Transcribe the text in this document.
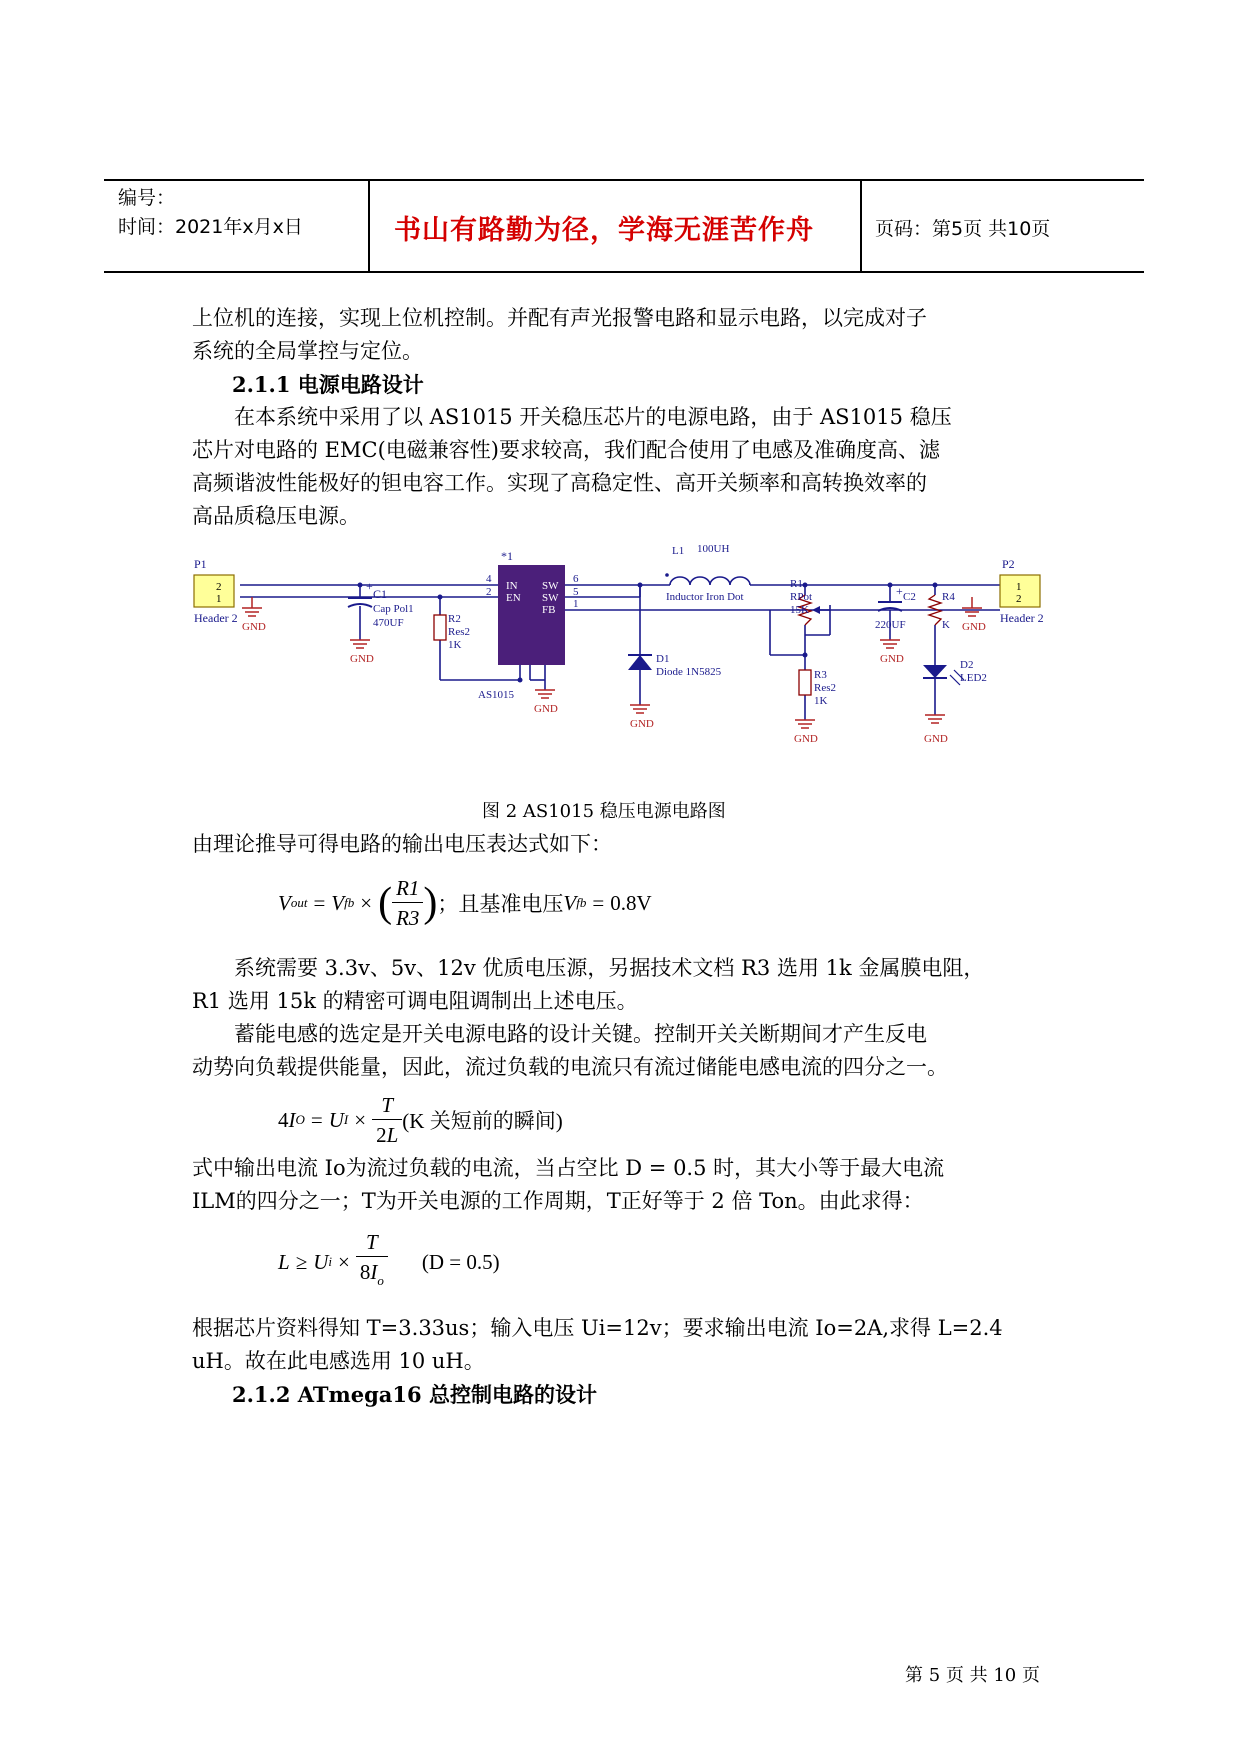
编号：
时间：2021年x月x日	书山有路勤为径，学海无涯苦作舟	页码：第5页 共10页
上位机的连接，实现上位机控制。并配有声光报警电路和显示电路，以完成对子
系统的全局掌控与定位。
2.1.1 电源电路设计
在本系统中采用了以 AS1015 开关稳压芯片的电源电路，由于 AS1015 稳压
芯片对电路的 EMC(电磁兼容性)要求较高，我们配合使用了电感及准确度高、滤
高频谐波性能极好的钽电容工作。实现了高稳定性、高开关频率和高转换效率的
高品质稳压电源。
2
1
P1
Header 2
GND
+
C1
Cap Pol1
470UF
GND
R2
Res2
1K
*1
IN
EN
SW
SW
FB
4
2
6
5
1
AS1015
GND
L1 100UH
Inductor Iron Dot
D1
Diode 1N5825
GND
R1
RPot
15K
R3
Res2
1K
GND
+ C2
220UF
GND
R4
K
D2
LED2
GND
GND
1
2
P2
Header 2
图 2 AS1015 稳压电源电路图
由理论推导可得电路的输出电压表达式如下：
V out = V fb × ( $\frac{R1}{R3}$ ) ；且基准电压 V fb = 0.8V
系统需要 3.3v、5v、12v 优质电压源，另据技术文档 R3 选用 1k 金属膜电阻，
R1 选用 15k 的精密可调电阻调制出上述电压。
蓄能电感的选定是开关电源电路的设计关键。控制开关关断期间才产生反电
动势向负载提供能量，因此，流过负载的电流只有流过储能电感电流的四分之一。
4 I O = U $I \times \frac{T}{2L} (K$ 关短前的瞬间)
式中输出电流 Io为流过负载的电流，当占空比 D = 0.5 时，其大小等于最大电流
ILM的四分之一；T为开关电源的工作周期，T正好等于 2 倍 Ton。由此求得：
L ≥ U $i \times \frac{T}{8I_o} (D = 0.5)$
根据芯片资料得知 T=3.33us；输入电压 Ui=12v；要求输出电流 Io=2A,求得 L=2.4
uH。故在此电感选用 10 uH。
2.1.2 ATmega16 总控制电路的设计
第 5 页 共 10 页
